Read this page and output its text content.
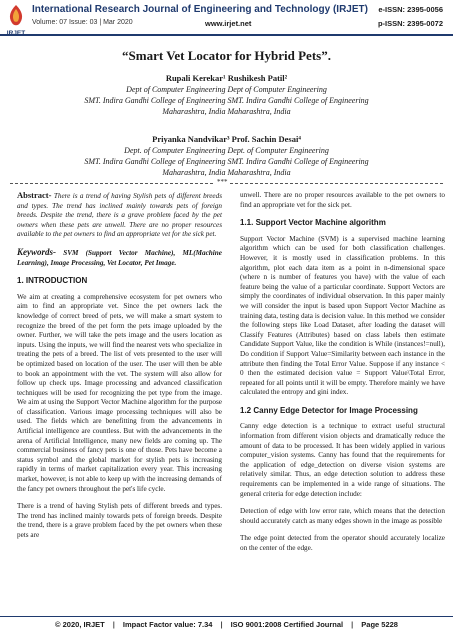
International Research Journal of Engineering and Technology (IRJET)
Volume: 07 Issue: 03 | Mar 2020	www.irjet.net
e-ISSN: 2395-0056
p-ISSN: 2395-0072
“Smart Vet Locator for Hybrid Pets”.
Rupali Kerekar¹ Rushikesh Patil²
Dept of Computer Engineering Dept of Computer Engineering
SMT. Indira Gandhi College of Engineering SMT. Indira Gandhi College of Engineering
Maharashtra, India Maharashtra, India
Priyanka Nandvikar³ Prof. Sachin Desai⁴
Dept. of Computer Engineering Dept. of Computer Engineering
SMT. Indira Gandhi College of Engineering SMT. Indira Gandhi College of Engineering
Maharashtra, India Maharashtra, India
***

Abstract- There is a trend of having Stylish pets of different breeds and types. The trend has inclined mainly towards pets of foreign breeds. Despite the trend, there is a grave problem faced by the pet owners when these pets are unwell. There are no proper resources available to the pet owners to find an appropriate vet for the sick pet.

Keywords- SVM (Support Vector Machine), ML(Machine Learning), Image Processing, Vet Locator, Pet Image.

1. INTRODUCTION

We aim at creating a comprehensive ecosystem for pet owners who aim to find an appropriate vet. Since the pet owners lack the knowledge of correct breed of pets, we will make a smart system to recognize the breed of the pet form the pets image uploaded by the owner. Further, we will take the pets image and the users location as inputs. Using the inputs, we will find the nearest vets who specialize in treating the pets of a breed. The list of vets presented to the user will be optimized based on location of the user. The user will then be able to book an appointment with the vet. The system will also allow for follow up check ups. Image processing and advanced classification techniques will be used for recognizing the pet type from the image. We aim at using the Support Vector Machine algorithm for the purpose of classification. Various image processing techniques will also be used. The fields which are benefitting from the advancements in Artificial intelligence are countless. But with the advancements in the arena of Artificial Intelligence, many new fields are coming up. The commercial business of fancy pets is one of those. Pets have become a status symbol and the global market for stylish pets is increasing rapidly in terms of market capitalization every year. This increasing market, however, is not able to keep up with the increasing demands of the fancy pet owners throughout the pet's life cycle.

There is a trend of having Stylish pets of different breeds and types. The trend has inclined mainly towards pets of foreign breeds. Despite the trend, there is a grave problem faced by the pet owners when these pets are

unwell. There are no proper resources available to the pet owners to find an appropriate vet for the sick pet.

1.1. Support Vector Machine algorithm

Support Vector Machine (SVM) is a supervised machine learning algorithm which can be used for both classification challenges. However, it is mostly used in classification problems. In this algorithm, plot each data item as a point in n-dimensional space (where n is number of features you have) with the value of each feature being the value of a particular coordinate. Support Vectors are simply the coordinates of individual observation. In this paper mainly we will consider the input is based upon Support Vector Machine as training data, testing data is decision value. In this method we consider the following steps like Load Dataset, after loading the dataset will Classify Features (Attributes) based on class labels then estimate Candidate Support Value, like the condition is While (instances!=null), Do condition if Support Value=Similarity between each instance in the attribute then finding the Total Error Value. Suppose if any instance < 0 then the estimated decision value = Support Value\Total Error, repeated for all points until it will be empty. Therefore mainly we have calculated the entropy and gini index.

1.2 Canny Edge Detector for Image Processing

Canny edge detection is a technique to extract useful structural information from different vision objects and dramatically reduce the amount of data to be processed. It has been widely applied in various computer_vision systems. Canny has found that the requirements for the application of edge_detection on diverse vision systems are relatively similar. Thus, an edge detection solution to address these requirements can be implemented in a wide range of situations. The general criteria for edge detection include:

Detection of edge with low error rate, which means that the detection should accurately catch as many edges shown in the image as possible

The edge point detected from the operator should accurately localize on the center of the edge.

© 2020, IRJET | Impact Factor value: 7.34 | ISO 9001:2008 Certified Journal | Page 5228
